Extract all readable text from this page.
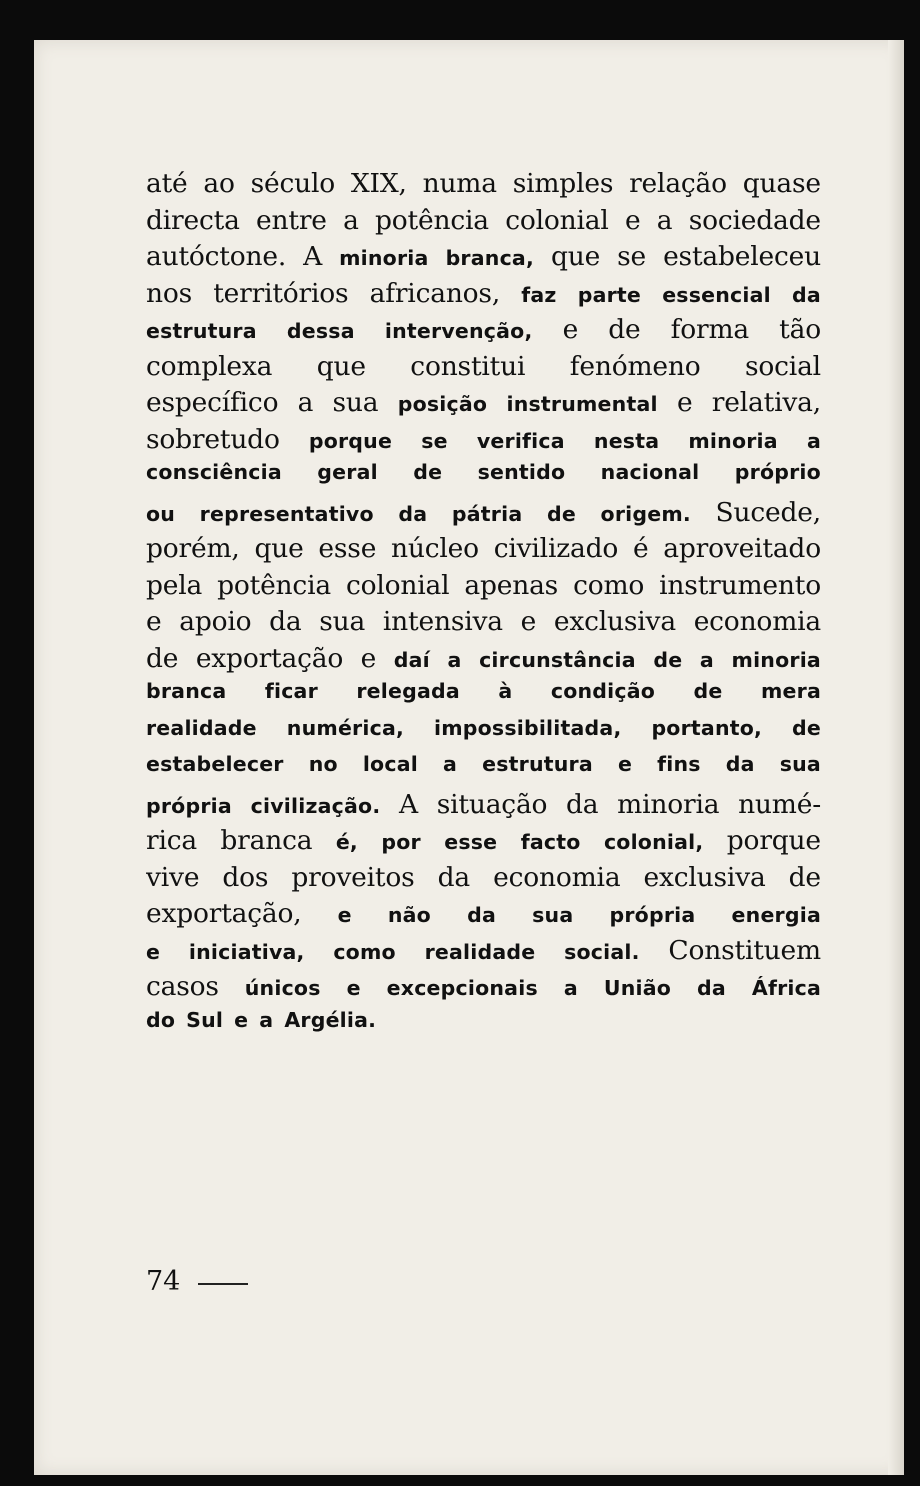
até ao século XIX, numa simples relação quase
directa entre a potência colonial e a sociedade
autóctone. A minoria branca, que se estabeleceu
nos territórios africanos, faz parte essencial da
estrutura dessa intervenção, e de forma tão
complexa que constitui fenómeno social
específico a sua posição instrumental e relativa,
sobretudo porque se verifica nesta minoria a
consciência geral de sentido nacional próprio
ou representativo da pátria de origem. Sucede,
porém, que esse núcleo civilizado é aproveitado
pela potência colonial apenas como instrumento
e apoio da sua intensiva e exclusiva economia
de exportação e daí a circunstância de a minoria
branca ficar relegada à condição de mera
realidade numérica, impossibilitada, portanto, de
estabelecer no local a estrutura e fins da sua
própria civilização. A situação da minoria numé-
rica branca é, por esse facto colonial, porque
vive dos proveitos da economia exclusiva de
exportação, e não da sua própria energia
e iniciativa, como realidade social. Constituem
casos únicos e excepcionais a União da África
do Sul e a Argélia.
74
